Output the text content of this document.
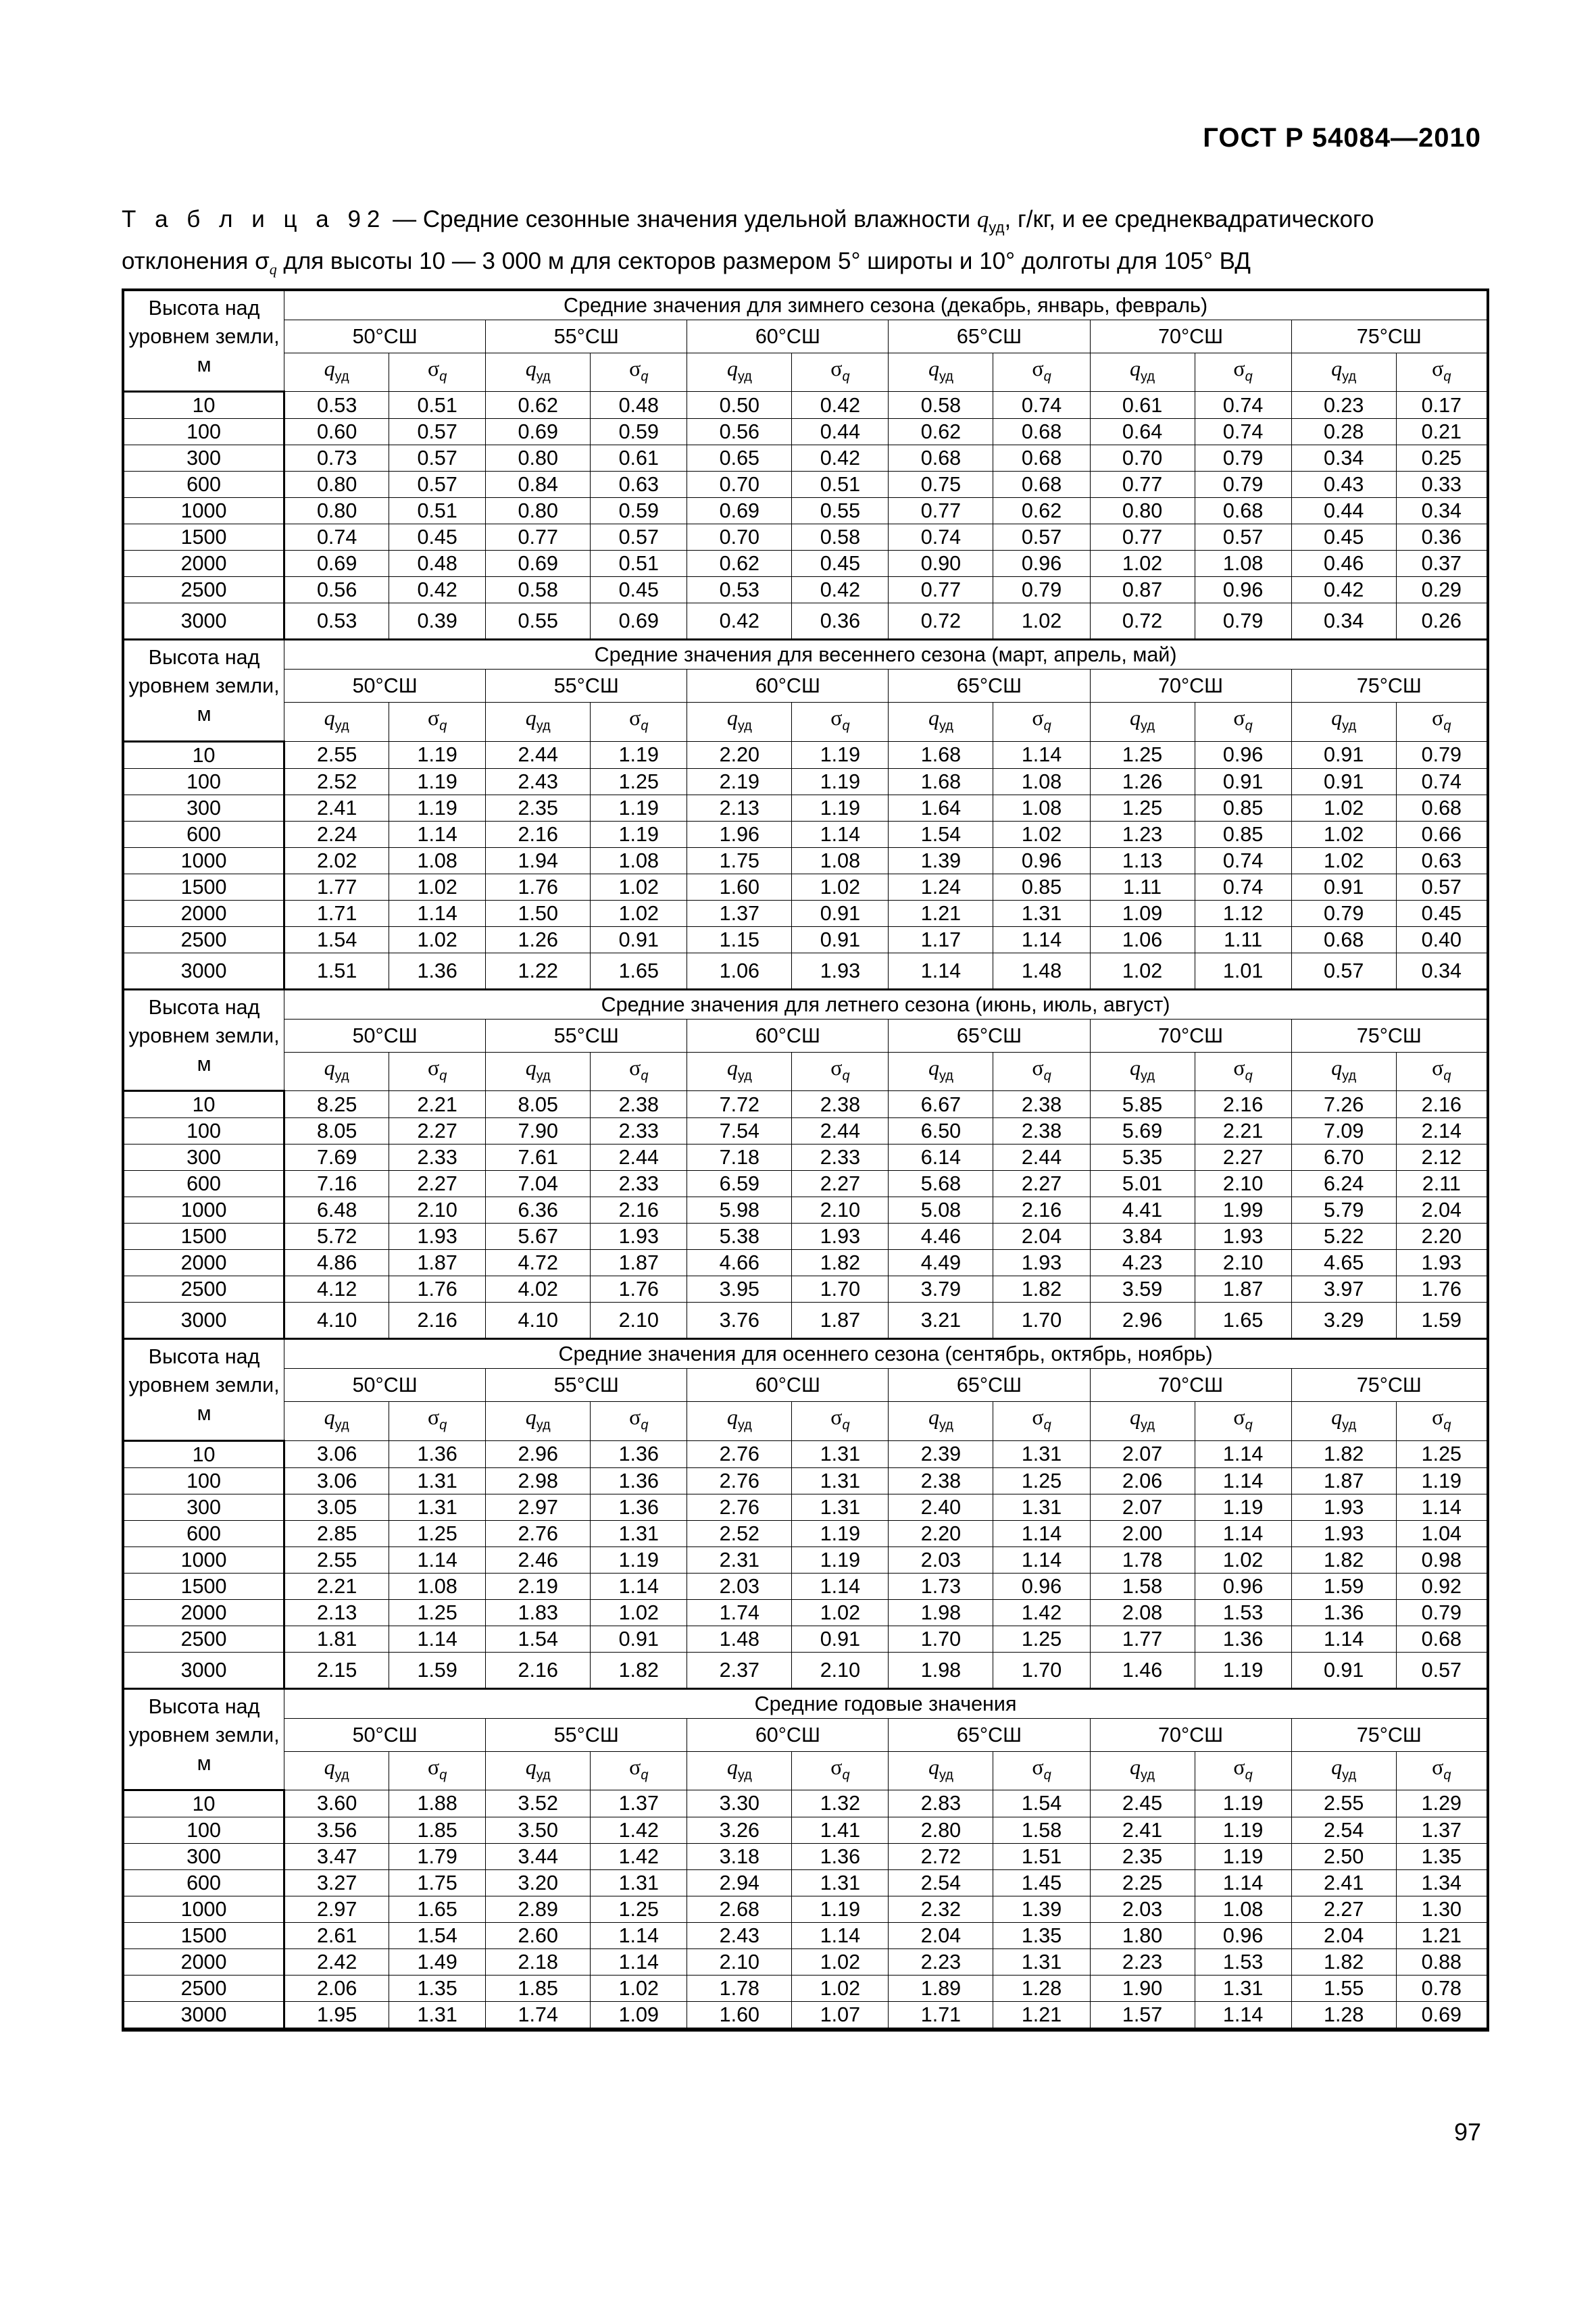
ГОСТ Р 54084—2010
Т а б л и ц а 92 — Средние сезонные значения удельной влажности $q_{уд}$, г/кг, и ее среднеквадратического отклонения $\sigma_q$ для высоты 10 — 3 000 м для секторов размером 5° широты и 10° долготы для 105° ВД
Высота над уровнем земли, м	Средние значения для зимнего сезона (декабрь, январь, февраль)											
	50°СШ		55°СШ		60°СШ		65°СШ		70°СШ		75°СШ	
	$q_{уд}$	$\sigma_q$	$q_{уд}$	$\sigma_q$	$q_{уд}$	$\sigma_q$	$q_{уд}$	$\sigma_q$	$q_{уд}$	$\sigma_q$	$q_{уд}$	$\sigma_q$
10	0.53	0.51	0.62	0.48	0.50	0.42	0.58	0.74	0.61	0.74	0.23	0.17
100	0.60	0.57	0.69	0.59	0.56	0.44	0.62	0.68	0.64	0.74	0.28	0.21
300	0.73	0.57	0.80	0.61	0.65	0.42	0.68	0.68	0.70	0.79	0.34	0.25
600	0.80	0.57	0.84	0.63	0.70	0.51	0.75	0.68	0.77	0.79	0.43	0.33
1000	0.80	0.51	0.80	0.59	0.69	0.55	0.77	0.62	0.80	0.68	0.44	0.34
1500	0.74	0.45	0.77	0.57	0.70	0.58	0.74	0.57	0.77	0.57	0.45	0.36
2000	0.69	0.48	0.69	0.51	0.62	0.45	0.90	0.96	1.02	1.08	0.46	0.37
2500	0.56	0.42	0.58	0.45	0.53	0.42	0.77	0.79	0.87	0.96	0.42	0.29
3000	0.53	0.39	0.55	0.69	0.42	0.36	0.72	1.02	0.72	0.79	0.34	0.26
Высота над уровнем земли, м	Средние значения для весеннего сезона (март, апрель, май)											
	50°СШ		55°СШ		60°СШ		65°СШ		70°СШ		75°СШ	
	$q_{уд}$	$\sigma_q$	$q_{уд}$	$\sigma_q$	$q_{уд}$	$\sigma_q$	$q_{уд}$	$\sigma_q$	$q_{уд}$	$\sigma_q$	$q_{уд}$	$\sigma_q$
10	2.55	1.19	2.44	1.19	2.20	1.19	1.68	1.14	1.25	0.96	0.91	0.79
100	2.52	1.19	2.43	1.25	2.19	1.19	1.68	1.08	1.26	0.91	0.91	0.74
300	2.41	1.19	2.35	1.19	2.13	1.19	1.64	1.08	1.25	0.85	1.02	0.68
600	2.24	1.14	2.16	1.19	1.96	1.14	1.54	1.02	1.23	0.85	1.02	0.66
1000	2.02	1.08	1.94	1.08	1.75	1.08	1.39	0.96	1.13	0.74	1.02	0.63
1500	1.77	1.02	1.76	1.02	1.60	1.02	1.24	0.85	1.11	0.74	0.91	0.57
2000	1.71	1.14	1.50	1.02	1.37	0.91	1.21	1.31	1.09	1.12	0.79	0.45
2500	1.54	1.02	1.26	0.91	1.15	0.91	1.17	1.14	1.06	1.11	0.68	0.40
3000	1.51	1.36	1.22	1.65	1.06	1.93	1.14	1.48	1.02	1.01	0.57	0.34
Высота над уровнем земли, м	Средние значения для летнего сезона (июнь, июль, август)											
	50°СШ		55°СШ		60°СШ		65°СШ		70°СШ		75°СШ	
	$q_{уд}$	$\sigma_q$	$q_{уд}$	$\sigma_q$	$q_{уд}$	$\sigma_q$	$q_{уд}$	$\sigma_q$	$q_{уд}$	$\sigma_q$	$q_{уд}$	$\sigma_q$
10	8.25	2.21	8.05	2.38	7.72	2.38	6.67	2.38	5.85	2.16	7.26	2.16
100	8.05	2.27	7.90	2.33	7.54	2.44	6.50	2.38	5.69	2.21	7.09	2.14
300	7.69	2.33	7.61	2.44	7.18	2.33	6.14	2.44	5.35	2.27	6.70	2.12
600	7.16	2.27	7.04	2.33	6.59	2.27	5.68	2.27	5.01	2.10	6.24	2.11
1000	6.48	2.10	6.36	2.16	5.98	2.10	5.08	2.16	4.41	1.99	5.79	2.04
1500	5.72	1.93	5.67	1.93	5.38	1.93	4.46	2.04	3.84	1.93	5.22	2.20
2000	4.86	1.87	4.72	1.87	4.66	1.82	4.49	1.93	4.23	2.10	4.65	1.93
2500	4.12	1.76	4.02	1.76	3.95	1.70	3.79	1.82	3.59	1.87	3.97	1.76
3000	4.10	2.16	4.10	2.10	3.76	1.87	3.21	1.70	2.96	1.65	3.29	1.59
Высота над уровнем земли, м	Средние значения для осеннего сезона (сентябрь, октябрь, ноябрь)											
	50°СШ		55°СШ		60°СШ		65°СШ		70°СШ		75°СШ	
	$q_{уд}$	$\sigma_q$	$q_{уд}$	$\sigma_q$	$q_{уд}$	$\sigma_q$	$q_{уд}$	$\sigma_q$	$q_{уд}$	$\sigma_q$	$q_{уд}$	$\sigma_q$
10	3.06	1.36	2.96	1.36	2.76	1.31	2.39	1.31	2.07	1.14	1.82	1.25
100	3.06	1.31	2.98	1.36	2.76	1.31	2.38	1.25	2.06	1.14	1.87	1.19
300	3.05	1.31	2.97	1.36	2.76	1.31	2.40	1.31	2.07	1.19	1.93	1.14
600	2.85	1.25	2.76	1.31	2.52	1.19	2.20	1.14	2.00	1.14	1.93	1.04
1000	2.55	1.14	2.46	1.19	2.31	1.19	2.03	1.14	1.78	1.02	1.82	0.98
1500	2.21	1.08	2.19	1.14	2.03	1.14	1.73	0.96	1.58	0.96	1.59	0.92
2000	2.13	1.25	1.83	1.02	1.74	1.02	1.98	1.42	2.08	1.53	1.36	0.79
2500	1.81	1.14	1.54	0.91	1.48	0.91	1.70	1.25	1.77	1.36	1.14	0.68
3000	2.15	1.59	2.16	1.82	2.37	2.10	1.98	1.70	1.46	1.19	0.91	0.57
Высота над уровнем земли, м	Средние годовые значения											
	50°СШ		55°СШ		60°СШ		65°СШ		70°СШ		75°СШ	
	$q_{уд}$	$\sigma_q$	$q_{уд}$	$\sigma_q$	$q_{уд}$	$\sigma_q$	$q_{уд}$	$\sigma_q$	$q_{уд}$	$\sigma_q$	$q_{уд}$	$\sigma_q$
10	3.60	1.88	3.52	1.37	3.30	1.32	2.83	1.54	2.45	1.19	2.55	1.29
100	3.56	1.85	3.50	1.42	3.26	1.41	2.80	1.58	2.41	1.19	2.54	1.37
300	3.47	1.79	3.44	1.42	3.18	1.36	2.72	1.51	2.35	1.19	2.50	1.35
600	3.27	1.75	3.20	1.31	2.94	1.31	2.54	1.45	2.25	1.14	2.41	1.34
1000	2.97	1.65	2.89	1.25	2.68	1.19	2.32	1.39	2.03	1.08	2.27	1.30
1500	2.61	1.54	2.60	1.14	2.43	1.14	2.04	1.35	1.80	0.96	2.04	1.21
2000	2.42	1.49	2.18	1.14	2.10	1.02	2.23	1.31	2.23	1.53	1.82	0.88
2500	2.06	1.35	1.85	1.02	1.78	1.02	1.89	1.28	1.90	1.31	1.55	0.78
3000	1.95	1.31	1.74	1.09	1.60	1.07	1.71	1.21	1.57	1.14	1.28	0.69
97
